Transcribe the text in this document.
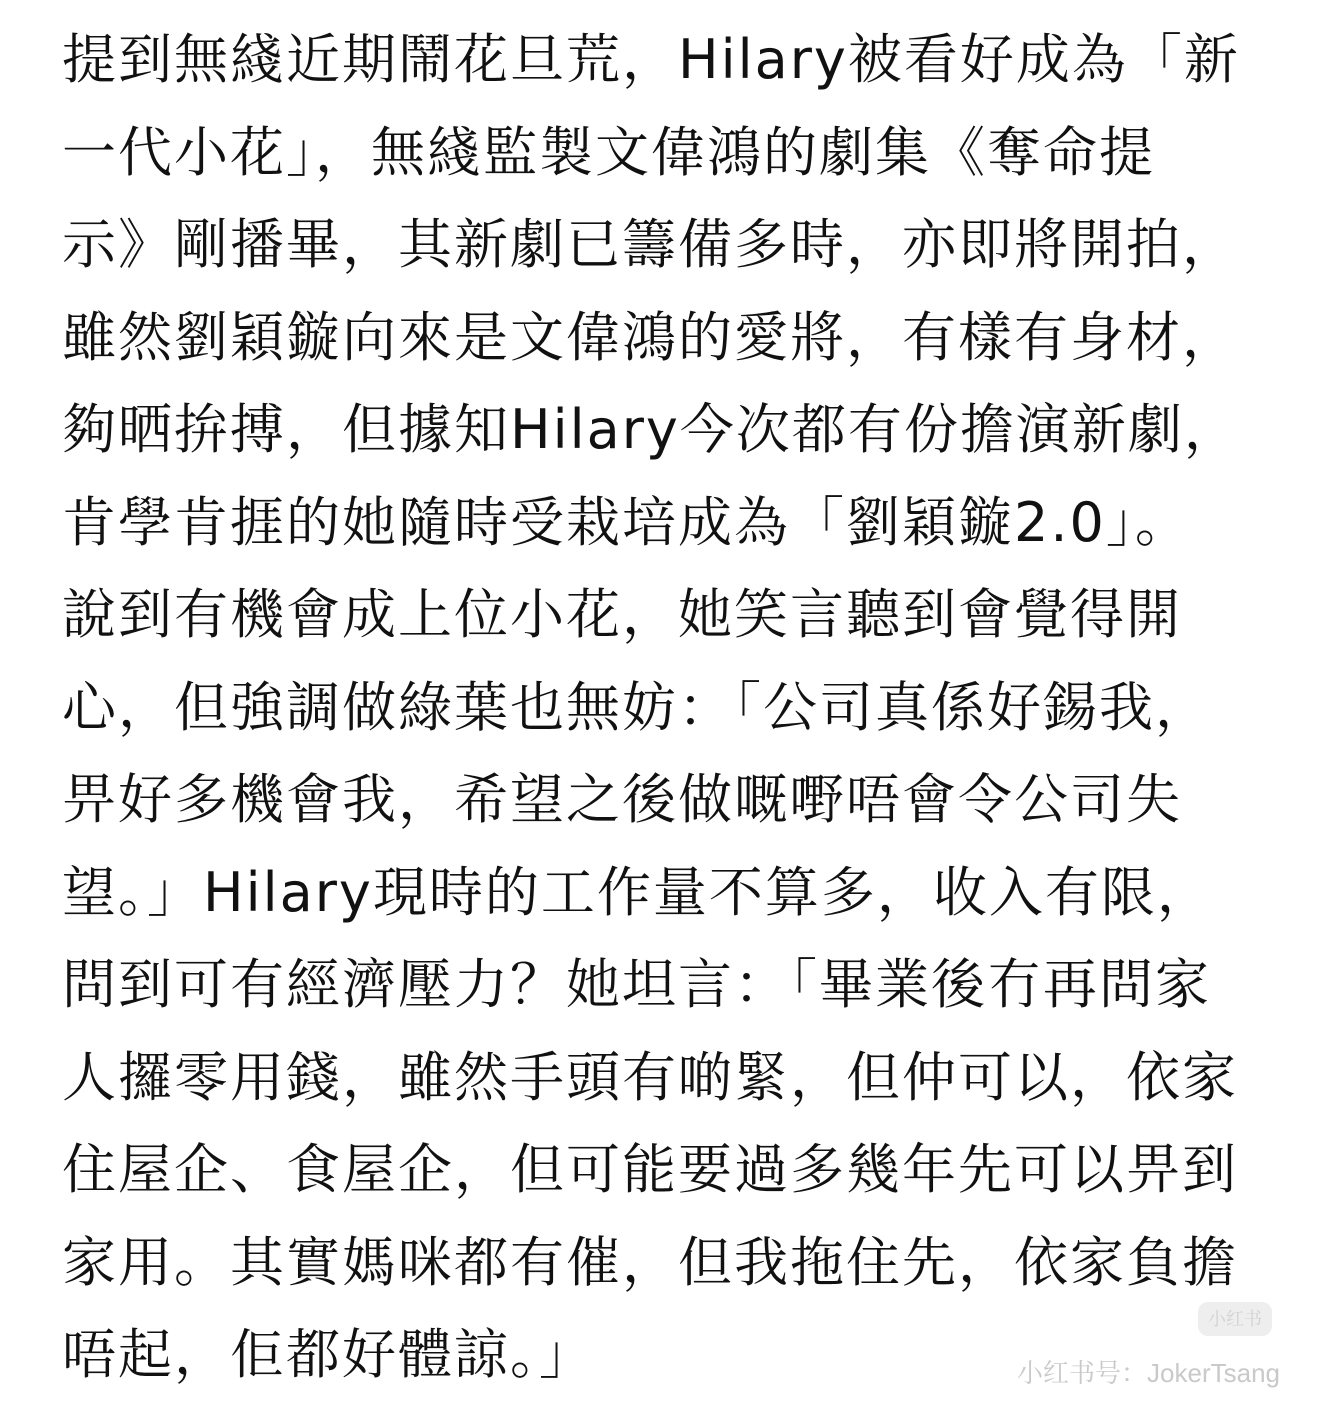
提到無綫近期鬧花旦荒，Hilary被看好成為「新
一代小花」，無綫監製文偉鴻的劇集《奪命提
示》剛播畢，其新劇已籌備多時，亦即將開拍，
雖然劉穎鏇向來是文偉鴻的愛將，有樣有身材，
夠晒拚搏，但據知Hilary今次都有份擔演新劇，
肯學肯捱的她隨時受栽培成為「劉穎鏇2.0」。
說到有機會成上位小花，她笑言聽到會覺得開
心，但強調做綠葉也無妨：「公司真係好錫我，
畀好多機會我，希望之後做嘅嘢唔會令公司失
望。」Hilary現時的工作量不算多，收入有限，
問到可有經濟壓力？她坦言：「畢業後冇再問家
人攞零用錢，雖然手頭有啲緊，但仲可以，依家
住屋企、食屋企，但可能要過多幾年先可以畀到
家用。其實媽咪都有催，但我拖住先，依家負擔
唔起，佢都好體諒。」
小红书
小红书号：JokerTsang
